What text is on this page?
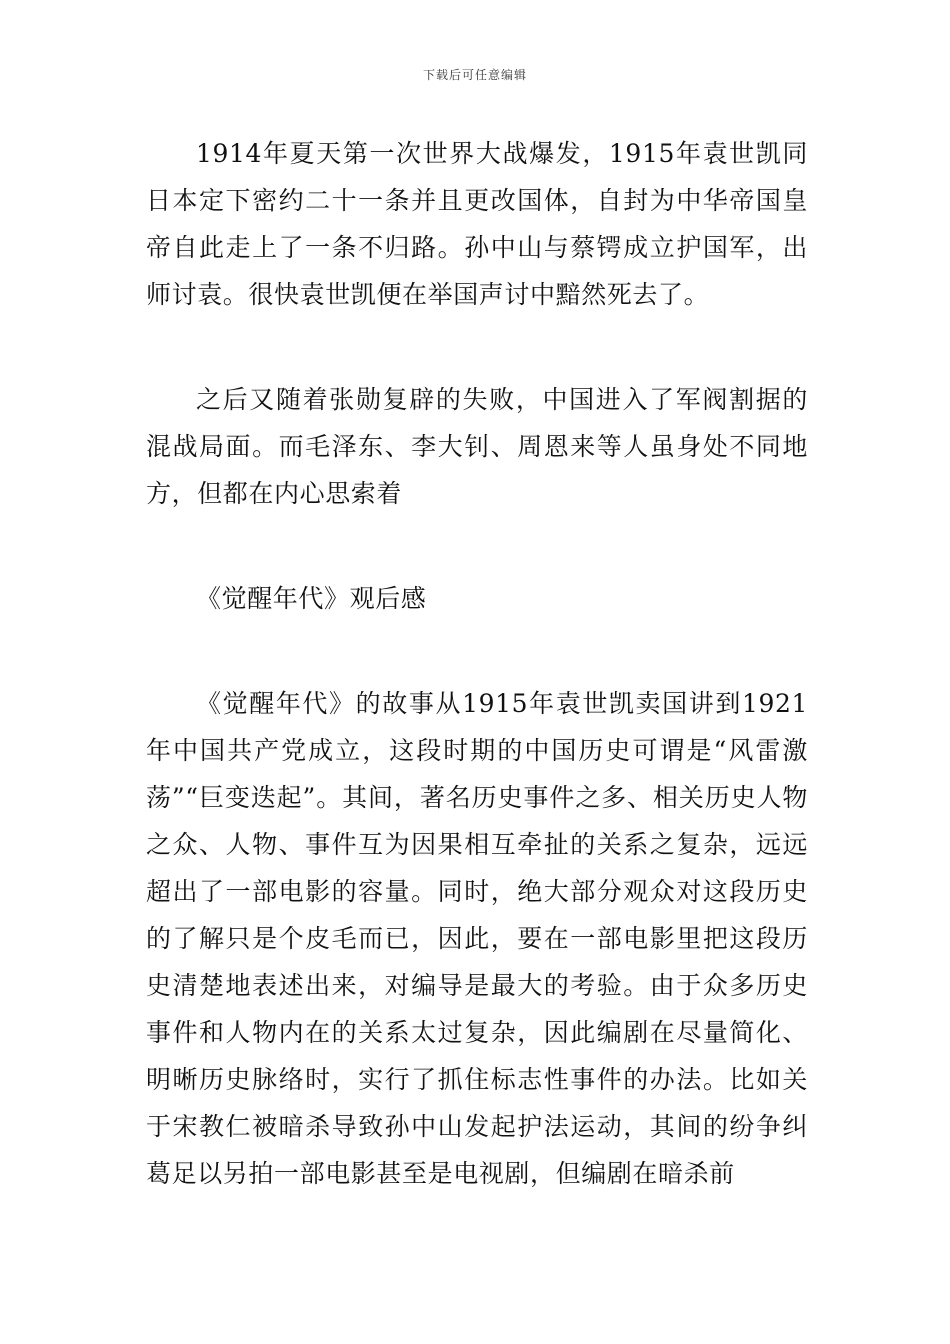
下载后可任意编辑

1914年夏天第一次世界大战爆发，1915年袁世凯同日本定下密约二十一条并且更改国体，自封为中华帝国皇帝自此走上了一条不归路。孙中山与蔡锷成立护国军，出师讨袁。很快袁世凯便在举国声讨中黯然死去了。

之后又随着张勋复辟的失败，中国进入了军阀割据的混战局面。而毛泽东、李大钊、周恩来等人虽身处不同地方，但都在内心思索着

《觉醒年代》观后感

《觉醒年代》的故事从1915年袁世凯卖国讲到1921年中国共产党成立，这段时期的中国历史可谓是“风雷激荡”“巨变迭起”。其间，著名历史事件之多、相关历史人物之众、人物、事件互为因果相互牵扯的关系之复杂，远远超出了一部电影的容量。同时，绝大部分观众对这段历史的了解只是个皮毛而已，因此，要在一部电影里把这段历史清楚地表述出来，对编导是最大的考验。由于众多历史事件和人物内在的关系太过复杂，因此编剧在尽量简化、明晰历史脉络时，实行了抓住标志性事件的办法。比如关于宋教仁被暗杀导致孙中山发起护法运动，其间的纷争纠葛足以另拍一部电影甚至是电视剧，但编剧在暗杀前
